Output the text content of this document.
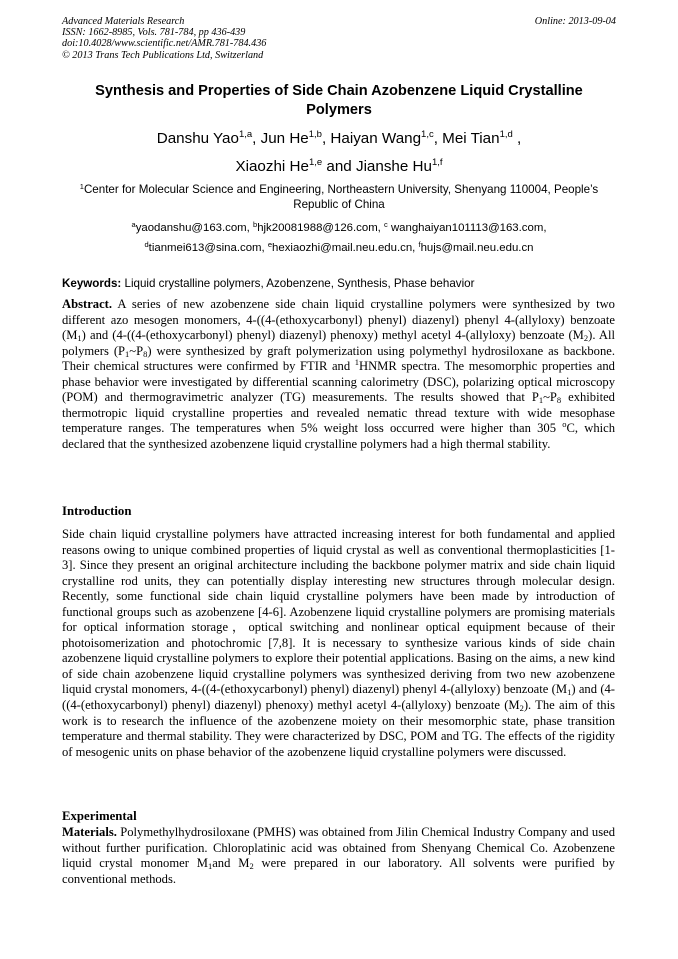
Advanced Materials Research
ISSN: 1662-8985, Vols. 781-784, pp 436-439
doi:10.4028/www.scientific.net/AMR.781-784.436
© 2013 Trans Tech Publications Ltd, Switzerland
Online: 2013-09-04
Synthesis and Properties of Side Chain Azobenzene Liquid Crystalline Polymers
Danshu Yao$^{1,a}$, Jun He$^{1,b}$, Haiyan Wang$^{1,c}$, Mei Tian$^{1,d}$ ,
Xiaozhi He$^{1,e}$ and Jianshe Hu$^{1,f}$
$^1$Center for Molecular Science and Engineering, Northeastern University, Shenyang 110004, People’s Republic of China
$^a$yaodanshu@163.com, $^b$hjk20081988@126.com, $^c$ wanghaiyan101113@163.com,
$^d$tianmei613@sina.com, $^e$hexiaozhi@mail.neu.edu.cn, $^f$hujs@mail.neu.edu.cn
Keywords: Liquid crystalline polymers, Azobenzene, Synthesis, Phase behavior
Abstract. A series of new azobenzene side chain liquid crystalline polymers were synthesized by two different azo mesogen monomers, 4-((4-(ethoxycarbonyl) phenyl) diazenyl) phenyl 4-(allyloxy) benzoate $(M_1)$ and (4-((4-(ethoxycarbonyl) phenyl) diazenyl) phenoxy) methyl acetyl 4-(allyloxy) benzoate $(M_2)$. All polymers $(P_1\sim P_8)$ were synthesized by graft polymerization using polymethyl hydrosiloxane as backbone. Their chemical structures were confirmed by FTIR and $^1$HNMR spectra. The mesomorphic properties and phase behavior were investigated by differential scanning calorimetry (DSC), polarizing optical microscopy (POM) and thermogravimetric analyzer (TG) measurements. The results showed that $P_1\sim P_8$ exhibited thermotropic liquid crystalline properties and revealed nematic thread texture with wide mesophase temperature ranges. The temperatures when 5% weight loss occurred were higher than 305 $^o$C, which declared that the synthesized azobenzene liquid crystalline polymers had a high thermal stability.
Introduction
Side chain liquid crystalline polymers have attracted increasing interest for both fundamental and applied reasons owing to unique combined properties of liquid crystal as well as conventional thermoplasticities [1-3]. Since they present an original architecture including the backbone polymer matrix and side chain liquid crystalline rod units, they can potentially display interesting new structures through molecular design. Recently, some functional side chain liquid crystalline polymers have been made by introduction of functional groups such as azobenzene [4-6]. Azobenzene liquid crystalline polymers are promising materials for optical information storage，optical switching and nonlinear optical equipment because of their photoisomerization and photochromic [7,8]. It is necessary to synthesize various kinds of side chain azobenzene liquid crystalline polymers to explore their potential applications. Basing on the aims, a new kind of side chain azobenzene liquid crystalline polymers was synthesized deriving from two new azobenzene liquid crystal monomers, 4-((4-(ethoxycarbonyl) phenyl) diazenyl) phenyl 4-(allyloxy) benzoate $(M_1)$ and (4-((4-(ethoxycarbonyl) phenyl) diazenyl) phenoxy) methyl acetyl 4-(allyloxy) benzoate $(M_2)$. The aim of this work is to research the influence of the azobenzene moiety on their mesomorphic state, phase transition temperature and thermal stability. They were characterized by DSC, POM and TG. The effects of the rigidity of mesogenic units on phase behavior of the azobenzene liquid crystalline polymers were discussed.
Experimental
Materials. Polymethylhydrosiloxane (PMHS) was obtained from Jilin Chemical Industry Company and used without further purification. Chloroplatinic acid was obtained from Shenyang Chemical Co. Azobenzene liquid crystal monomer $M_1and$ $M_2$ were prepared in our laboratory. All solvents were purified by conventional methods.
